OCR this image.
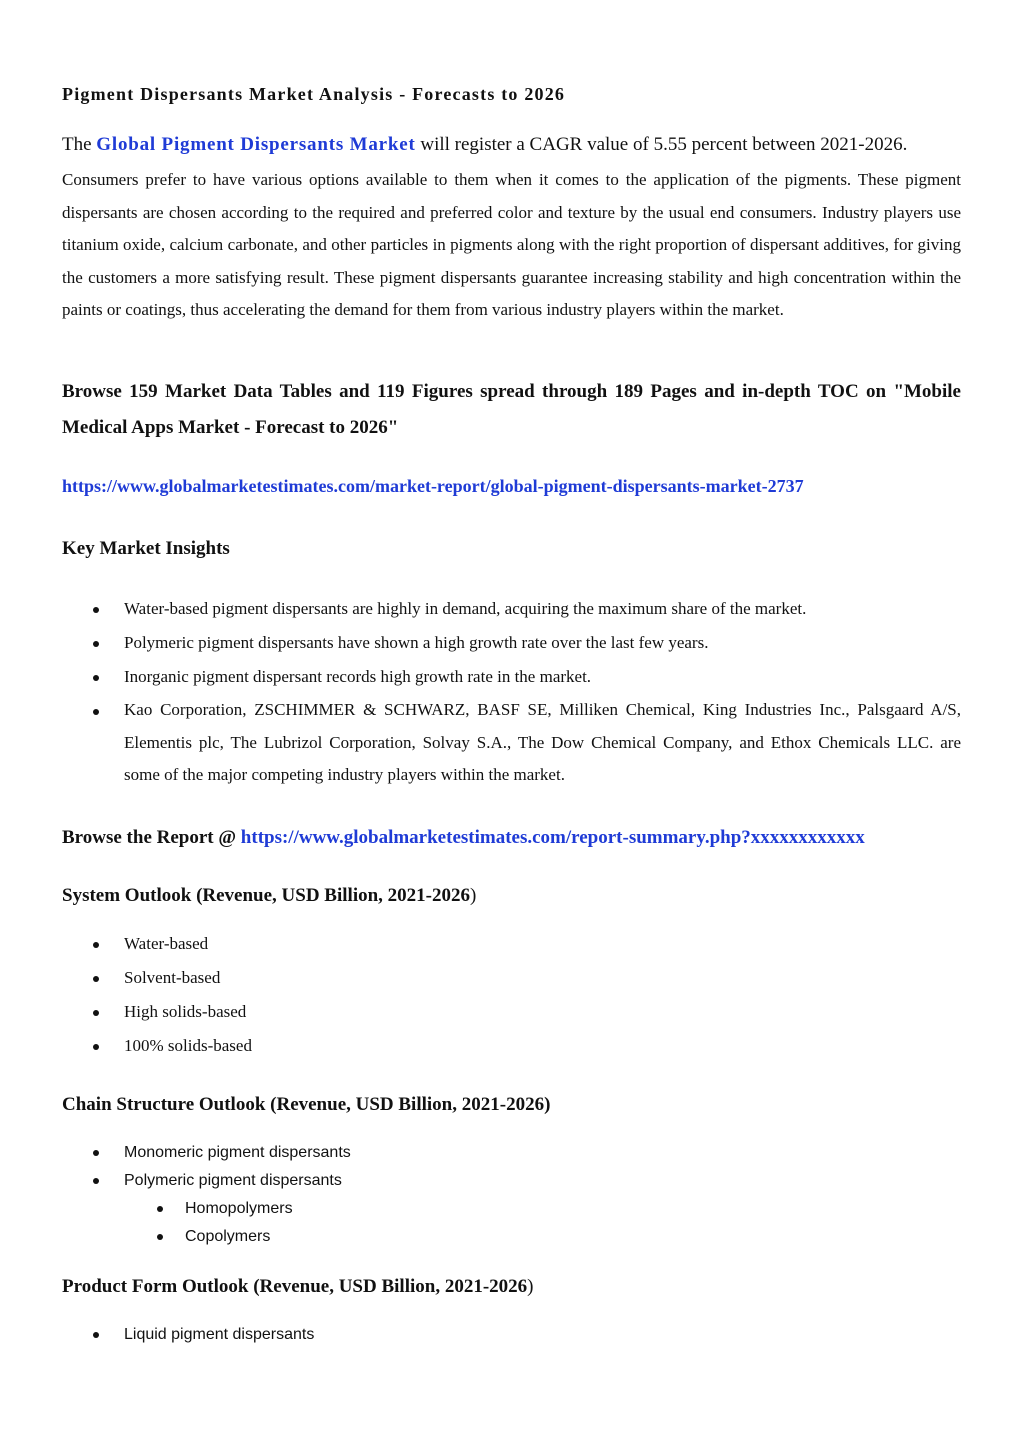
Pigment Dispersants Market Analysis - Forecasts to 2026
The Global Pigment Dispersants Market will register a CAGR value of 5.55 percent between 2021-2026.
Consumers prefer to have various options available to them when it comes to the application of the pigments. These pigment dispersants are chosen according to the required and preferred color and texture by the usual end consumers. Industry players use titanium oxide, calcium carbonate, and other particles in pigments along with the right proportion of dispersant additives, for giving the customers a more satisfying result. These pigment dispersants guarantee increasing stability and high concentration within the paints or coatings, thus accelerating the demand for them from various industry players within the market.
Browse 159 Market Data Tables and 119 Figures spread through 189 Pages and in-depth TOC on "Mobile Medical Apps Market - Forecast to 2026"
https://www.globalmarketestimates.com/market-report/global-pigment-dispersants-market-2737
Key Market Insights
Water-based pigment dispersants are highly in demand, acquiring the maximum share of the market.
Polymeric pigment dispersants have shown a high growth rate over the last few years.
Inorganic pigment dispersant records high growth rate in the market.
Kao Corporation, ZSCHIMMER & SCHWARZ, BASF SE, Milliken Chemical, King Industries Inc., Palsgaard A/S, Elementis plc, The Lubrizol Corporation, Solvay S.A., The Dow Chemical Company, and Ethox Chemicals LLC. are some of the major competing industry players within the market.
Browse the Report @ https://www.globalmarketestimates.com/report-summary.php?xxxxxxxxxxxx
System Outlook (Revenue, USD Billion, 2021-2026)
Water-based
Solvent-based
High solids-based
100% solids-based
Chain Structure Outlook (Revenue, USD Billion, 2021-2026)
Monomeric pigment dispersants
Polymeric pigment dispersants
Homopolymers
Copolymers
Product Form Outlook (Revenue, USD Billion, 2021-2026)
Liquid pigment dispersants
